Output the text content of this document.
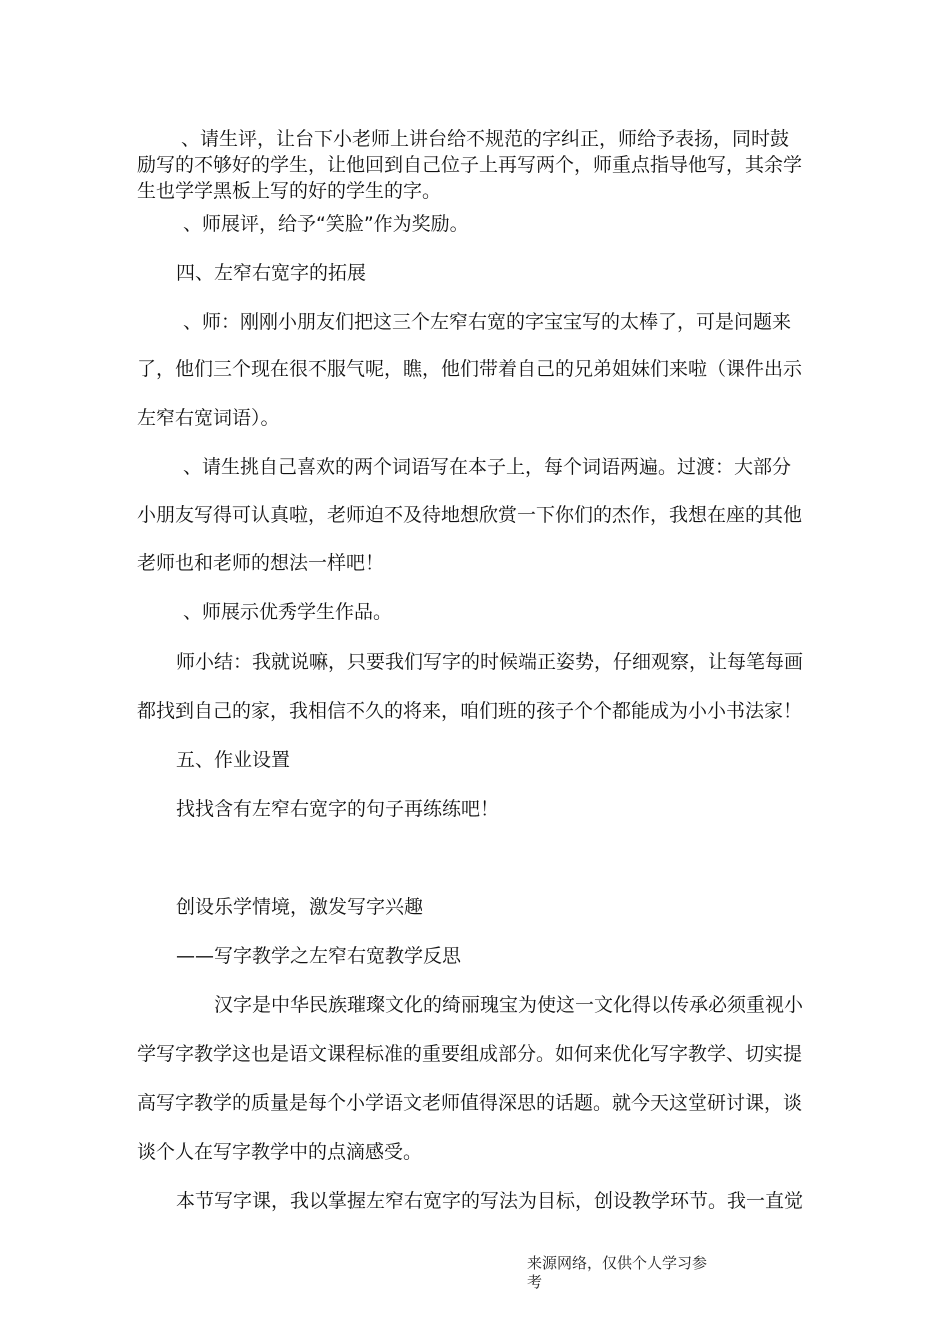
、请生评，让台下小老师上讲台给不规范的字纠正，师给予表扬，同时鼓
励写的不够好的学生，让他回到自己位子上再写两个，师重点指导他写，其余学
生也学学黑板上写的好的学生的字。
、师展评，给予“笑脸”作为奖励。
四、左窄右宽字的拓展
、师：刚刚小朋友们把这三个左窄右宽的字宝宝写的太棒了，可是问题来
了，他们三个现在很不服气呢，瞧，他们带着自己的兄弟姐妹们来啦（课件出示
左窄右宽词语）。
、请生挑自己喜欢的两个词语写在本子上，每个词语两遍。过渡：大部分
小朋友写得可认真啦，老师迫不及待地想欣赏一下你们的杰作，我想在座的其他
老师也和老师的想法一样吧！
、师展示优秀学生作品。
师小结：我就说嘛，只要我们写字的时候端正姿势，仔细观察，让每笔每画
都找到自己的家，我相信不久的将来，咱们班的孩子个个都能成为小小书法家！
五、作业设置
找找含有左窄右宽字的句子再练练吧！
创设乐学情境，激发写字兴趣
——写字教学之左窄右宽教学反思
汉字是中华民族璀璨文化的绮丽瑰宝为使这一文化得以传承必须重视小
学写字教学这也是语文课程标准的重要组成部分。如何来优化写字教学、切实提
高写字教学的质量是每个小学语文老师值得深思的话题。就今天这堂研讨课，谈
谈个人在写字教学中的点滴感受。
本节写字课，我以掌握左窄右宽字的写法为目标，创设教学环节。我一直觉
来源网络，仅供个人学习参
考
